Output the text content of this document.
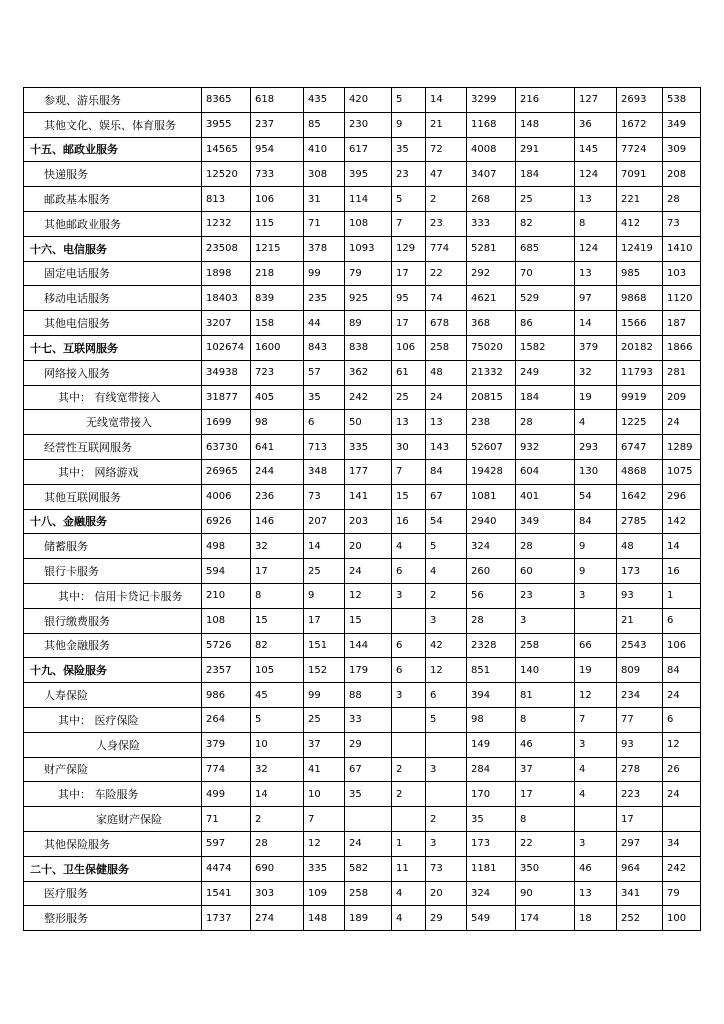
参观、游乐服务	8365	618	435	420	5	14	3299	216	127	2693	538
其他文化、娱乐、体育服务	3955	237	85	230	9	21	1168	148	36	1672	349
十五、邮政业服务	14565	954	410	617	35	72	4008	291	145	7724	309
快递服务	12520	733	308	395	23	47	3407	184	124	7091	208
邮政基本服务	813	106	31	114	5	2	268	25	13	221	28
其他邮政业服务	1232	115	71	108	7	23	333	82	8	412	73
十六、电信服务	23508	1215	378	1093	129	774	5281	685	124	12419	1410
固定电话服务	1898	218	99	79	17	22	292	70	13	985	103
移动电话服务	18403	839	235	925	95	74	4621	529	97	9868	1120
其他电信服务	3207	158	44	89	17	678	368	86	14	1566	187
十七、互联网服务	102674	1600	843	838	106	258	75020	1582	379	20182	1866
网络接入服务	34938	723	57	362	61	48	21332	249	32	11793	281
其中： 有线宽带接入	31877	405	35	242	25	24	20815	184	19	9919	209
无线宽带接入	1699	98	6	50	13	13	238	28	4	1225	24
经营性互联网服务	63730	641	713	335	30	143	52607	932	293	6747	1289
其中： 网络游戏	26965	244	348	177	7	84	19428	604	130	4868	1075
其他互联网服务	4006	236	73	141	15	67	1081	401	54	1642	296
十八、金融服务	6926	146	207	203	16	54	2940	349	84	2785	142
储蓄服务	498	32	14	20	4	5	324	28	9	48	14
银行卡服务	594	17	25	24	6	4	260	60	9	173	16
其中： 信用卡贷记卡服务	210	8	9	12	3	2	56	23	3	93	1
银行缴费服务	108	15	17	15		3	28	3		21	6
其他金融服务	5726	82	151	144	6	42	2328	258	66	2543	106
十九、保险服务	2357	105	152	179	6	12	851	140	19	809	84
人寿保险	986	45	99	88	3	6	394	81	12	234	24
其中： 医疗保险	264	5	25	33		5	98	8	7	77	6
人身保险	379	10	37	29			149	46	3	93	12
财产保险	774	32	41	67	2	3	284	37	4	278	26
其中： 车险服务	499	14	10	35	2		170	17	4	223	24
家庭财产保险	71	2	7			2	35	8		17	
其他保险服务	597	28	12	24	1	3	173	22	3	297	34
二十、卫生保健服务	4474	690	335	582	11	73	1181	350	46	964	242
医疗服务	1541	303	109	258	4	20	324	90	13	341	79
整形服务	1737	274	148	189	4	29	549	174	18	252	100
